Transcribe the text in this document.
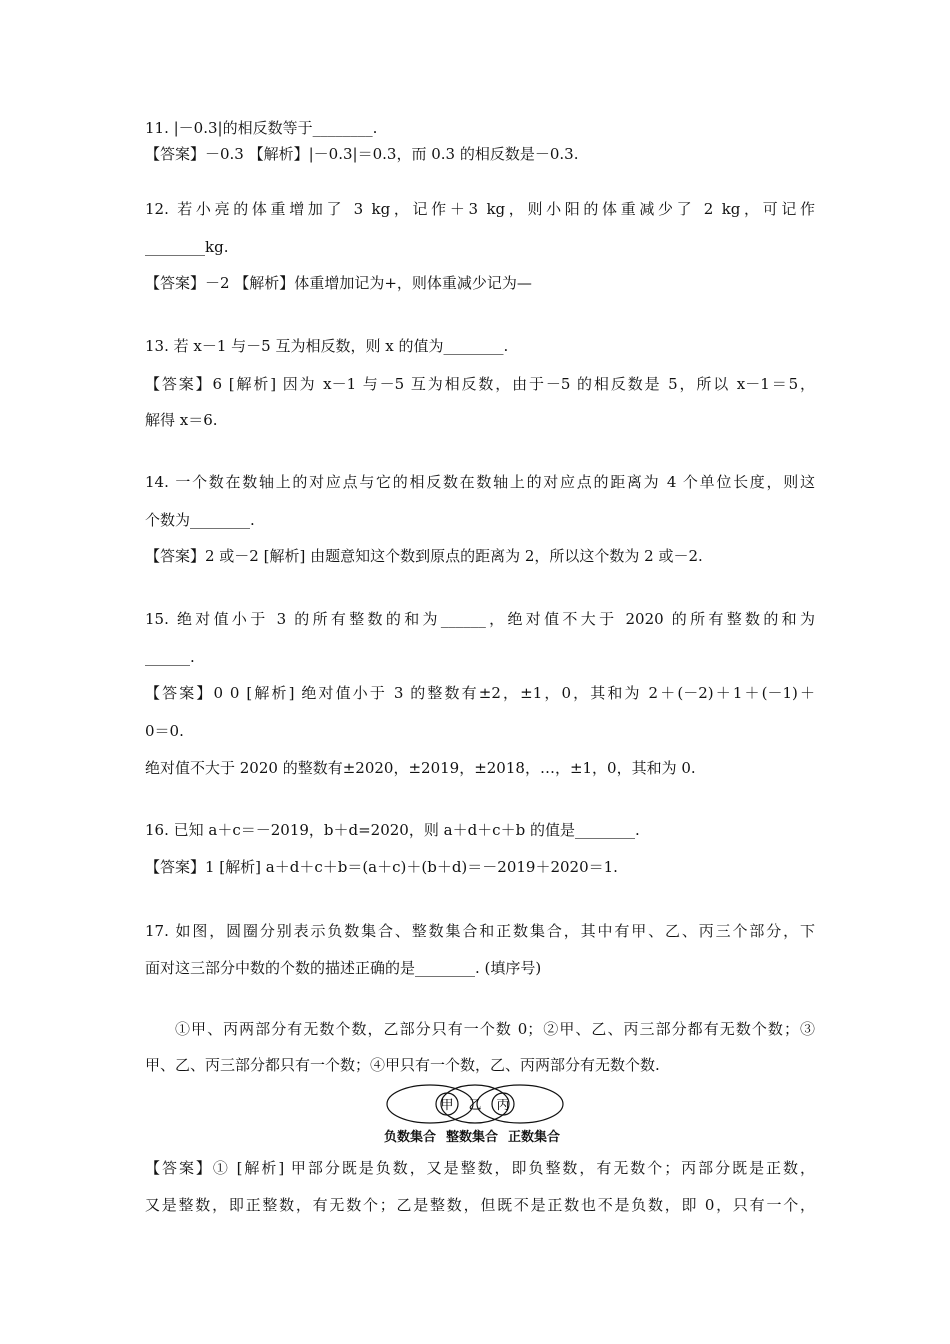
11. |－0.3|的相反数等于________.
【答案】－0.3 【解析】|－0.3|＝0.3，而 0.3 的相反数是－0.3.
12. 若小亮的体重增加了 3 kg，记作＋3 kg，则小阳的体重减少了 2 kg，可记作
________kg.
【答案】－2 【解析】体重增加记为+，则体重减少记为—
13. 若 x－1 与－5 互为相反数，则 x 的值为________.
【答案】6 [解析] 因为 x－1 与－5 互为相反数，由于－5 的相反数是 5，所以 x－1＝5，
解得 x＝6.
14. 一个数在数轴上的对应点与它的相反数在数轴上的对应点的距离为 4 个单位长度，则这
个数为________.
【答案】2 或－2 [解析] 由题意知这个数到原点的距离为 2，所以这个数为 2 或－2.
15. 绝对值小于 3 的所有整数的和为______，绝对值不大于 2020 的所有整数的和为
______.
【答案】0 0 [解析] 绝对值小于 3 的整数有±2，±1，0，其和为 2＋(－2)＋1＋(－1)＋
0＝0.
绝对值不大于 2020 的整数有±2020，±2019，±2018，…，±1，0，其和为 0.
16. 已知 a＋c＝－2019，b＋d=2020，则 a＋d＋c＋b 的值是________.
【答案】1 [解析] a＋d＋c＋b＝(a＋c)＋(b＋d)＝－2019＋2020＝1.
17. 如图，圆圈分别表示负数集合、整数集合和正数集合，其中有甲、乙、丙三个部分，下
面对这三部分中数的个数的描述正确的是________. (填序号)
①甲、丙两部分有无数个数，乙部分只有一个数 0；②甲、乙、丙三部分都有无数个数；③
甲、乙、丙三部分都只有一个数；④甲只有一个数，乙、丙两部分有无数个数.
甲 乙 丙
负数集合 整数集合 正数集合
【答案】① [解析] 甲部分既是负数，又是整数，即负整数，有无数个；丙部分既是正数，
又是整数，即正整数，有无数个；乙是整数，但既不是正数也不是负数，即 0，只有一个，
